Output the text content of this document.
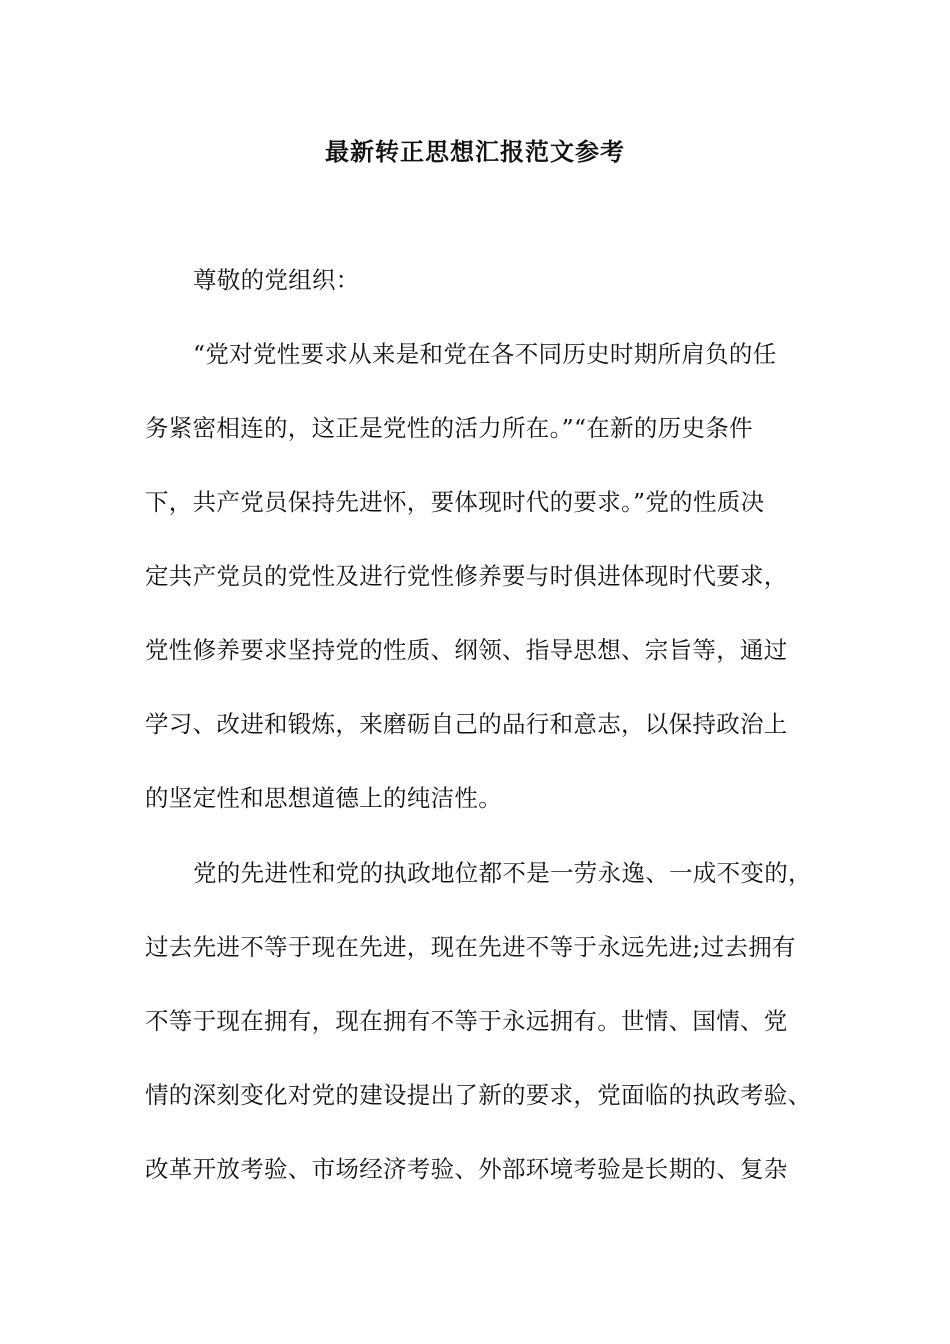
最新转正思想汇报范文参考
尊敬的党组织：
“党对党性要求从来是和党在各不同历史时期所肩负的任
务紧密相连的，这正是党性的活力所在。”“在新的历史条件
下，共产党员保持先进怀，要体现时代的要求。”党的性质决
定共产党员的党性及进行党性修养要与时俱进体现时代要求，
党性修养要求坚持党的性质、纲领、指导思想、宗旨等，通过
学习、改进和锻炼，来磨砺自己的品行和意志，以保持政治上
的坚定性和思想道德上的纯洁性。
党的先进性和党的执政地位都不是一劳永逸、一成不变的，
过去先进不等于现在先进，现在先进不等于永远先进;过去拥有
不等于现在拥有，现在拥有不等于永远拥有。世情、国情、党
情的深刻变化对党的建设提出了新的要求，党面临的执政考验、
改革开放考验、市场经济考验、外部环境考验是长期的、复杂
